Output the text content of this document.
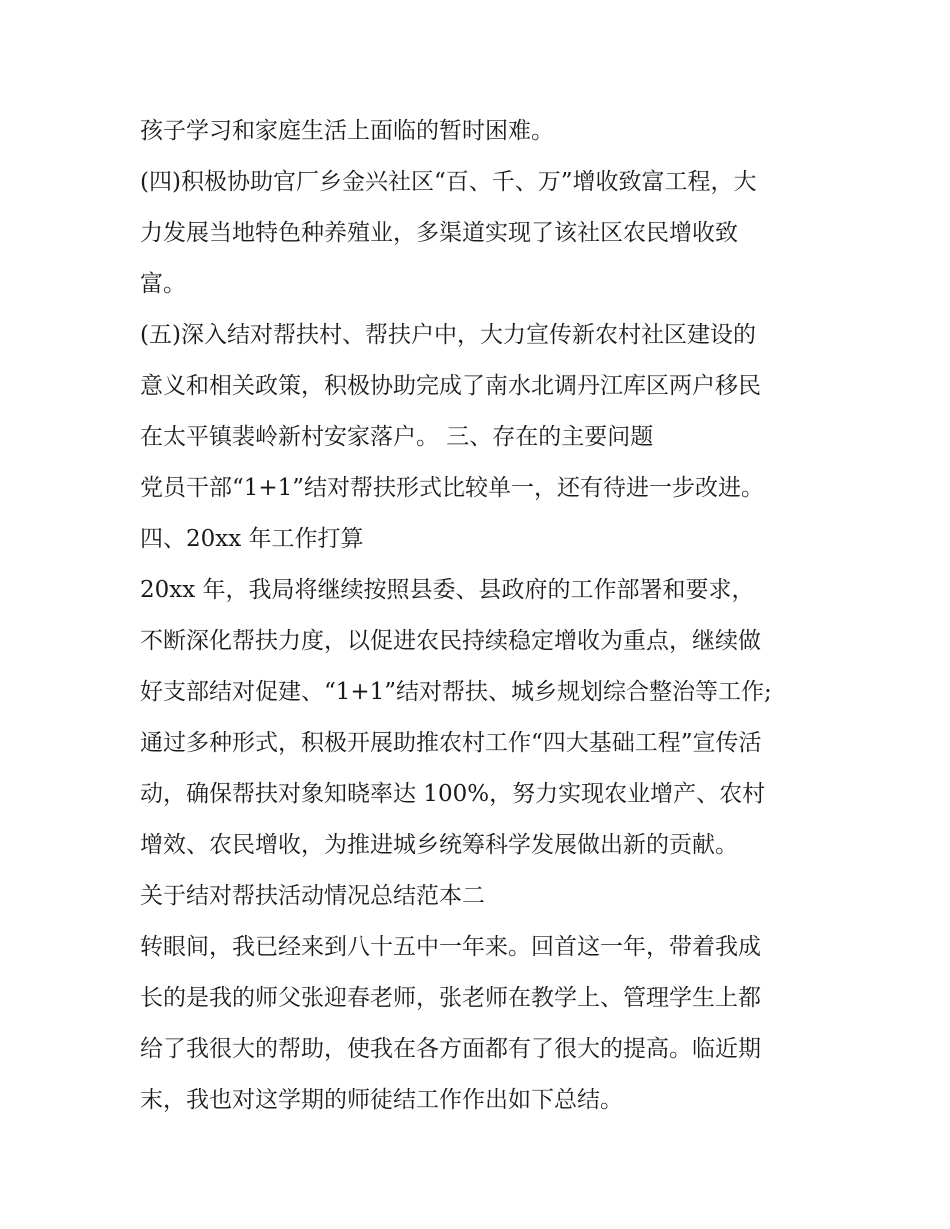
孩子学习和家庭生活上面临的暂时困难。
(四)积极协助官厂乡金兴社区“百、千、万”增收致富工程，大
力发展当地特色种养殖业，多渠道实现了该社区农民增收致
富。
(五)深入结对帮扶村、帮扶户中，大力宣传新农村社区建设的
意义和相关政策，积极协助完成了南水北调丹江库区两户移民
在太平镇裴岭新村安家落户。 三、存在的主要问题
党员干部“1+1”结对帮扶形式比较单一，还有待进一步改进。
四、20xx 年工作打算
20xx 年，我局将继续按照县委、县政府的工作部署和要求，
不断深化帮扶力度，以促进农民持续稳定增收为重点，继续做
好支部结对促建、“1+1”结对帮扶、城乡规划综合整治等工作;
通过多种形式，积极开展助推农村工作“四大基础工程”宣传活
动，确保帮扶对象知晓率达 100%，努力实现农业增产、农村
增效、农民增收，为推进城乡统筹科学发展做出新的贡献。
关于结对帮扶活动情况总结范本二
转眼间，我已经来到八十五中一年来。回首这一年，带着我成
长的是我的师父张迎春老师，张老师在教学上、管理学生上都
给了我很大的帮助，使我在各方面都有了很大的提高。临近期
末，我也对这学期的师徒结工作作出如下总结。
